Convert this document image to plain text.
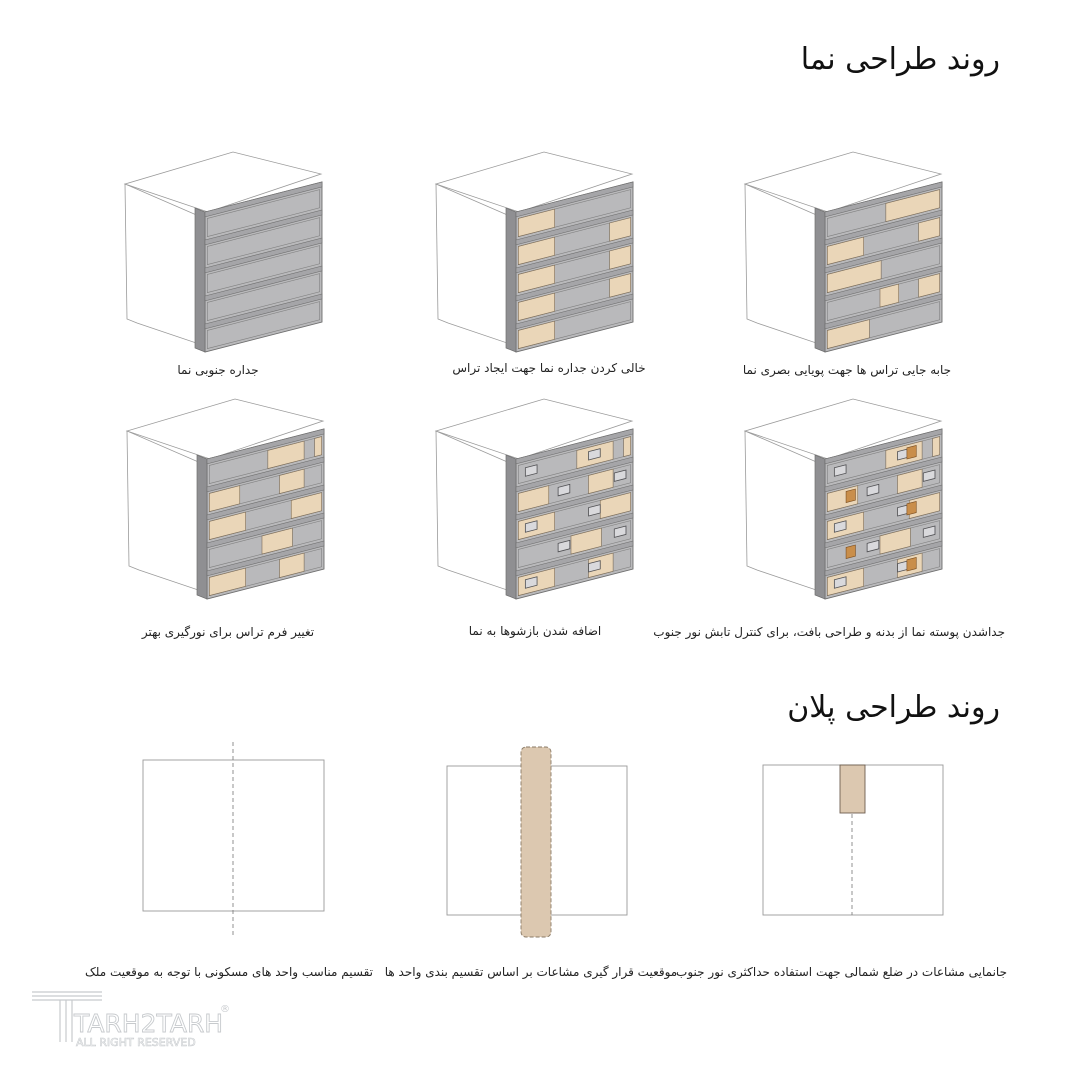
روند طراحی نما
روند طراحی پلان
جداره جنوبی نما	خالی کردن جداره نما جهت ایجاد تراس	جابه جایی تراس ها جهت پویایی بصری نما
تغییر فرم تراس برای نورگیری بهتر	اضافه شدن بازشوها به نما	جداشدن پوسته نما از بدنه و طراحی بافت، برای کنترل تابش نور جنوب
تقسیم مناسب واحد های مسکونی با توجه به موقعیت ملک موقعیت قرار گیری مشاعات بر اساس تقسیم بندی واحد ها
جانمایی مشاعات در ضلع شمالی جهت استفاده حداکثری نور جنوب
TARH2TARH
ALL RIGHT RESERVED
®
